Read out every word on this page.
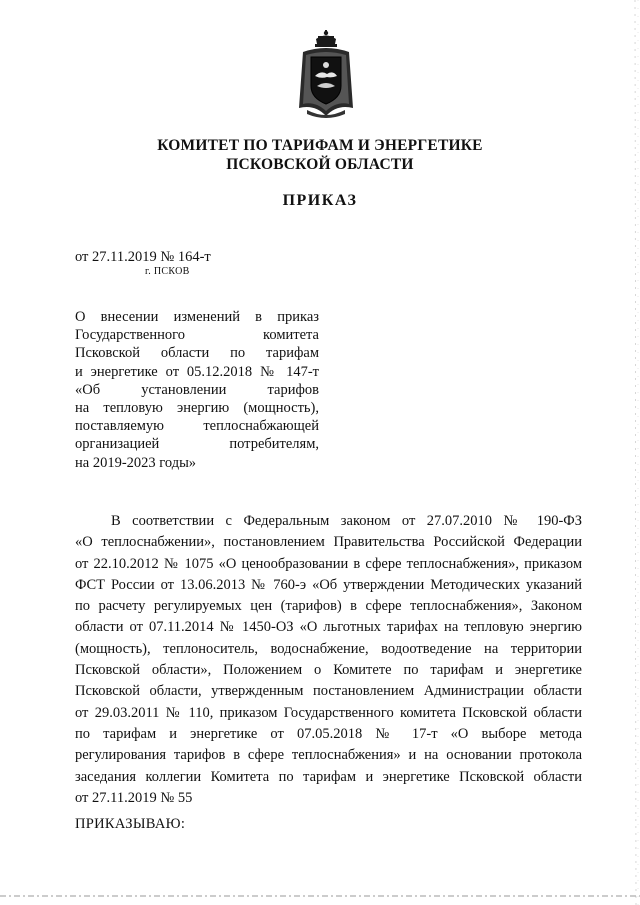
КОМИТЕТ ПО ТАРИФАМ И ЭНЕРГЕТИКЕ
ПСКОВСКОЙ ОБЛАСТИ
ПРИКАЗ
от 27.11.2019 № 164-т
г. ПСКОВ
О внесении изменений в приказ
Государственного комитета
Псковской области по тарифам
и энергетике от 05.12.2018 № 147-т
«Об установлении тарифов
на тепловую энергию (мощность),
поставляемую теплоснабжающей
организацией потребителям,
на 2019-2023 годы»
В соответствии с Федеральным законом от 27.07.2010 № 190-ФЗ
«О теплоснабжении», постановлением Правительства Российской Федерации
от 22.10.2012 № 1075 «О ценообразовании в сфере теплоснабжения», приказом
ФСТ России от 13.06.2013 № 760-э «Об утверждении Методических указаний
по расчету регулируемых цен (тарифов) в сфере теплоснабжения», Законом
области от 07.11.2014 № 1450-ОЗ «О льготных тарифах на тепловую энергию
(мощность), теплоноситель, водоснабжение, водоотведение на территории
Псковской области», Положением о Комитете по тарифам и энергетике
Псковской области, утвержденным постановлением Администрации области
от 29.03.2011 № 110, приказом Государственного комитета Псковской области
по тарифам и энергетике от 07.05.2018 № 17-т «О выборе метода
регулирования тарифов в сфере теплоснабжения» и на основании протокола
заседания коллегии Комитета по тарифам и энергетике Псковской области
от 27.11.2019 № 55
ПРИКАЗЫВАЮ:
